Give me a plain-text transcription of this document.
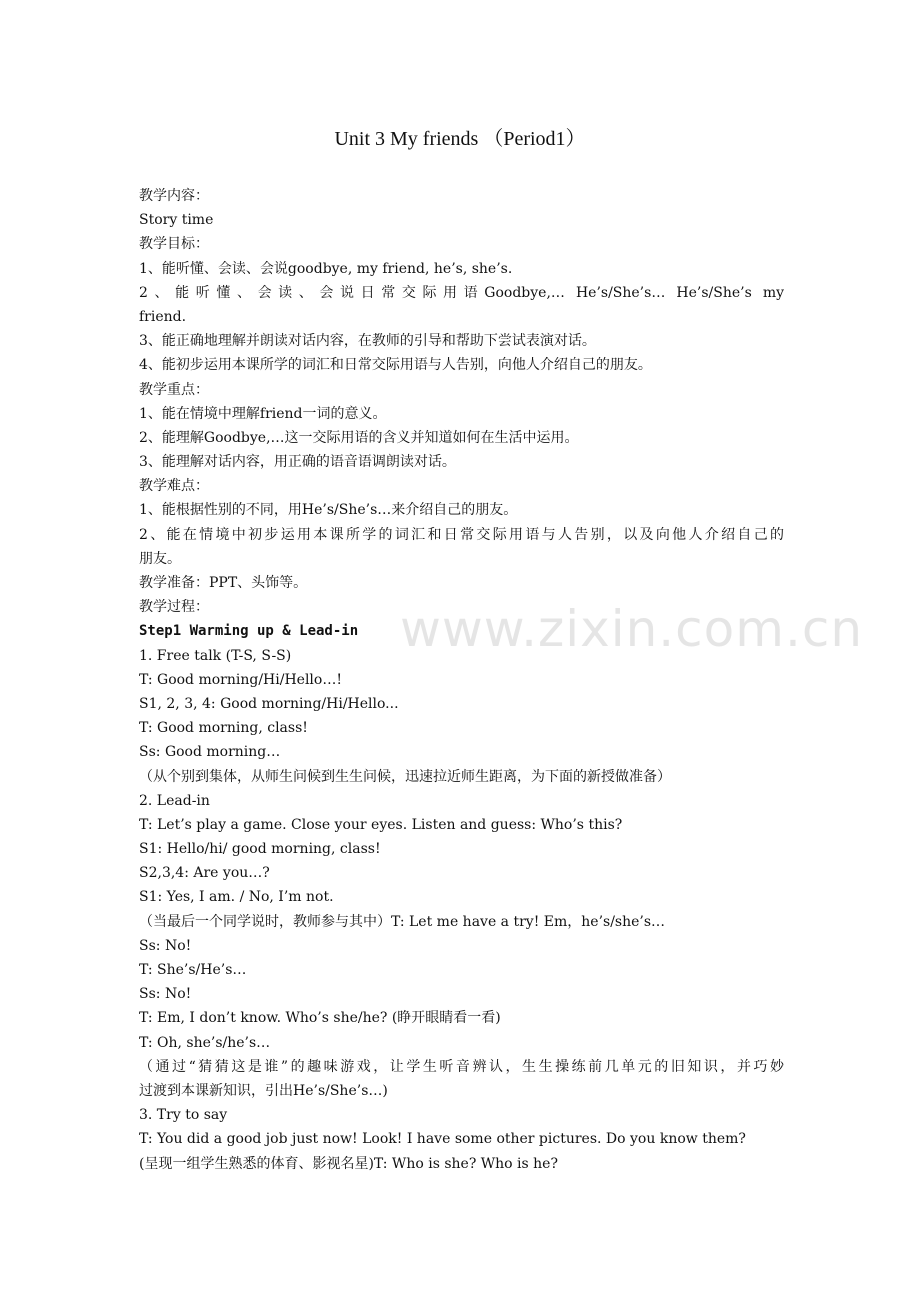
Unit 3 My friends （Period1）
www.zixin.com.cn
教学内容：
Story time
教学目标：
1、能听懂、会读、会说goodbye, my friend, he’s, she’s.
2、能听懂、会读、会说日常交际用语Goodbye,… He’s/She’s… He’s/She’s my
friend.
3、能正确地理解并朗读对话内容，在教师的引导和帮助下尝试表演对话。
4、能初步运用本课所学的词汇和日常交际用语与人告别，向他人介绍自己的朋友。
教学重点：
1、能在情境中理解friend一词的意义。
2、能理解Goodbye,…这一交际用语的含义并知道如何在生活中运用。
3、能理解对话内容，用正确的语音语调朗读对话。
教学难点：
1、能根据性别的不同，用He’s/She’s…来介绍自己的朋友。
2、能在情境中初步运用本课所学的词汇和日常交际用语与人告别，以及向他人介绍自己的
朋友。
教学准备：PPT、头饰等。
教学过程：
Step1 Warming up & Lead-in
1. Free talk (T-S, S-S)
T: Good morning/Hi/Hello…!
S1, 2, 3, 4: Good morning/Hi/Hello...
T: Good morning, class!
Ss: Good morning…
（从个别到集体，从师生问候到生生问候，迅速拉近师生距离，为下面的新授做准备）
2. Lead-in
T: Let’s play a game. Close your eyes. Listen and guess: Who’s this?
S1: Hello/hi/ good morning, class!
S2,3,4: Are you…?
S1: Yes, I am. / No, I’m not.
（当最后一个同学说时，教师参与其中）T: Let me have a try! Em，he’s/she’s…
Ss: No!
T: She’s/He’s…
Ss: No!
T: Em, I don’t know. Who’s she/he? (睁开眼睛看一看)
T: Oh, she’s/he’s…
（通过“猜猜这是谁”的趣味游戏，让学生听音辨认，生生操练前几单元的旧知识，并巧妙
过渡到本课新知识，引出He’s/She’s…)
3. Try to say
T: You did a good job just now! Look! I have some other pictures. Do you know them?
(呈现一组学生熟悉的体育、影视名星)T: Who is she? Who is he?
